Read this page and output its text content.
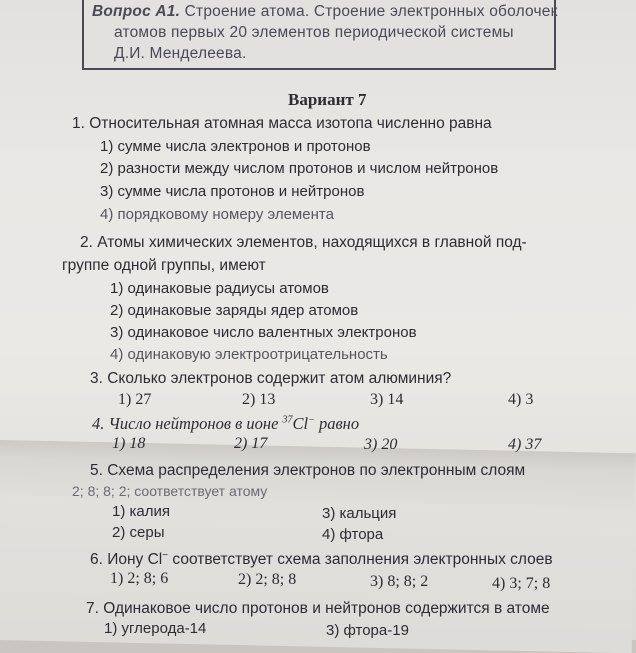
Вопрос А1. Строение атома. Строение электронных оболочек
атомов первых 20 элементов периодической системы
Д.И. Менделеева.
Вариант 7
1. Относительная атомная масса изотопа численно равна
1) сумме числа электронов и протонов
2) разности между числом протонов и числом нейтронов
3) сумме числа протонов и нейтронов
4) порядковому номеру элемента
2. Атомы химических элементов, находящихся в главной под-
группе одной группы, имеют
1) одинаковые радиусы атомов
2) одинаковые заряды ядер атомов
3) одинаковое число валентных электронов
4) одинаковую электроотрицательность
3. Сколько электронов содержит атом алюминия?
1) 27	2) 13	3) 14	4) 3
4. Число нейтронов в ионе $^{37}$Cl− равно
1) 18	2) 17	3) 20	4) 37
5. Схема распределения электронов по электронным слоям
2; 8; 8; 2; соответствует атому
1) калия	3) кальция
2) серы	4) фтора
6. Иону Cl− соответствует схема заполнения электронных слоев
1) 2; 8; 6	2) 2; 8; 8	3) 8; 8; 2	4) 3; 7; 8
7. Одинаковое число протонов и нейтронов содержится в атоме
1) углерода-14	3) фтора-19
